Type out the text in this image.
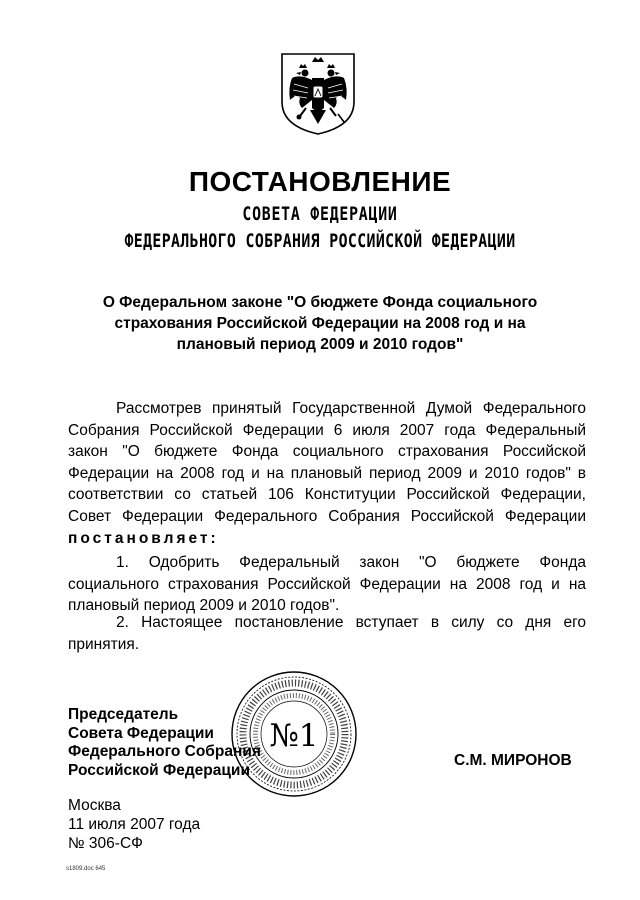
ПОСТАНОВЛЕНИЕ
СОВЕТА ФЕДЕРАЦИИ
ФЕДЕРАЛЬНОГО СОБРАНИЯ РОССИЙСКОЙ ФЕДЕРАЦИИ
О Федеральном законе "О бюджете Фонда социального
страхования Российской Федерации на 2008 год и на
плановый период 2009 и 2010 годов"
Рассмотрев принятый Государственной Думой Федерального Собрания Российской Федерации 6 июля 2007 года Федеральный закон "О бюджете Фонда социального страхования Российской Федерации на 2008 год и на плановый период 2009 и 2010 годов" в соответствии со статьей 106 Конституции Российской Федерации, Совет Федерации Федерального Собрания Российской Федерации постановляет:
1. Одобрить Федеральный закон "О бюджете Фонда социального страхования Российской Федерации на 2008 год и на плановый период 2009 и 2010 годов".
2. Настоящее постановление вступает в силу со дня его принятия.
№1
Председатель
Совета Федерации
Федерального Собрания
Российской Федерации
С.М. МИРОНОВ
Москва
11 июля 2007 года
№ 306-СФ
s1809.doc 645
